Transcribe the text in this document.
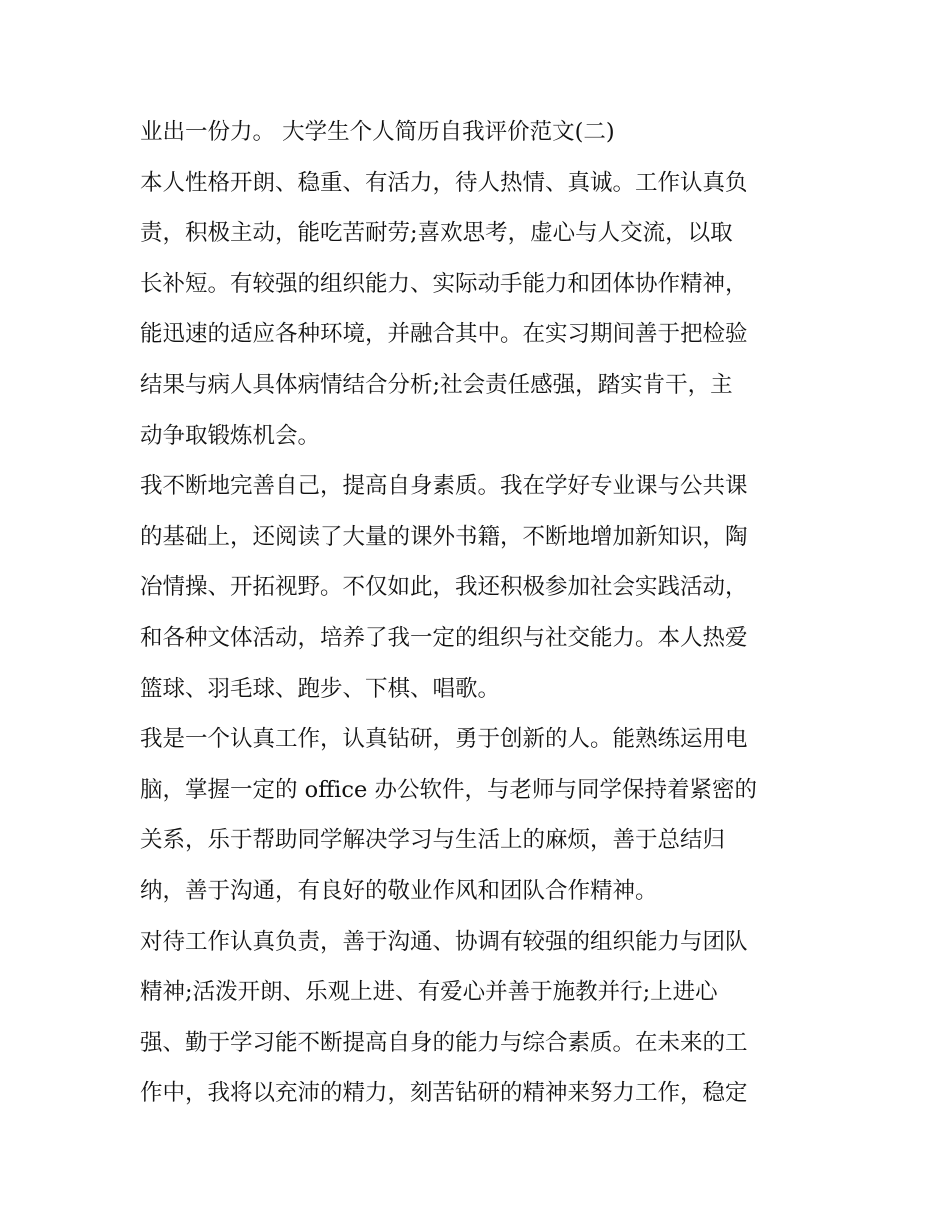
业出一份力。 大学生个人简历自我评价范文(二)
本人性格开朗、稳重、有活力，待人热情、真诚。工作认真负
责，积极主动，能吃苦耐劳;喜欢思考，虚心与人交流，以取
长补短。有较强的组织能力、实际动手能力和团体协作精神，
能迅速的适应各种环境，并融合其中。在实习期间善于把检验
结果与病人具体病情结合分析;社会责任感强，踏实肯干，主
动争取锻炼机会。
我不断地完善自己，提高自身素质。我在学好专业课与公共课
的基础上，还阅读了大量的课外书籍，不断地增加新知识，陶
冶情操、开拓视野。不仅如此，我还积极参加社会实践活动，
和各种文体活动，培养了我一定的组织与社交能力。本人热爱
篮球、羽毛球、跑步、下棋、唱歌。
我是一个认真工作，认真钻研，勇于创新的人。能熟练运用电
脑，掌握一定的 office 办公软件，与老师与同学保持着紧密的
关系，乐于帮助同学解决学习与生活上的麻烦，善于总结归
纳，善于沟通，有良好的敬业作风和团队合作精神。
对待工作认真负责，善于沟通、协调有较强的组织能力与团队
精神;活泼开朗、乐观上进、有爱心并善于施教并行;上进心
强、勤于学习能不断提高自身的能力与综合素质。在未来的工
作中，我将以充沛的精力，刻苦钻研的精神来努力工作，稳定
